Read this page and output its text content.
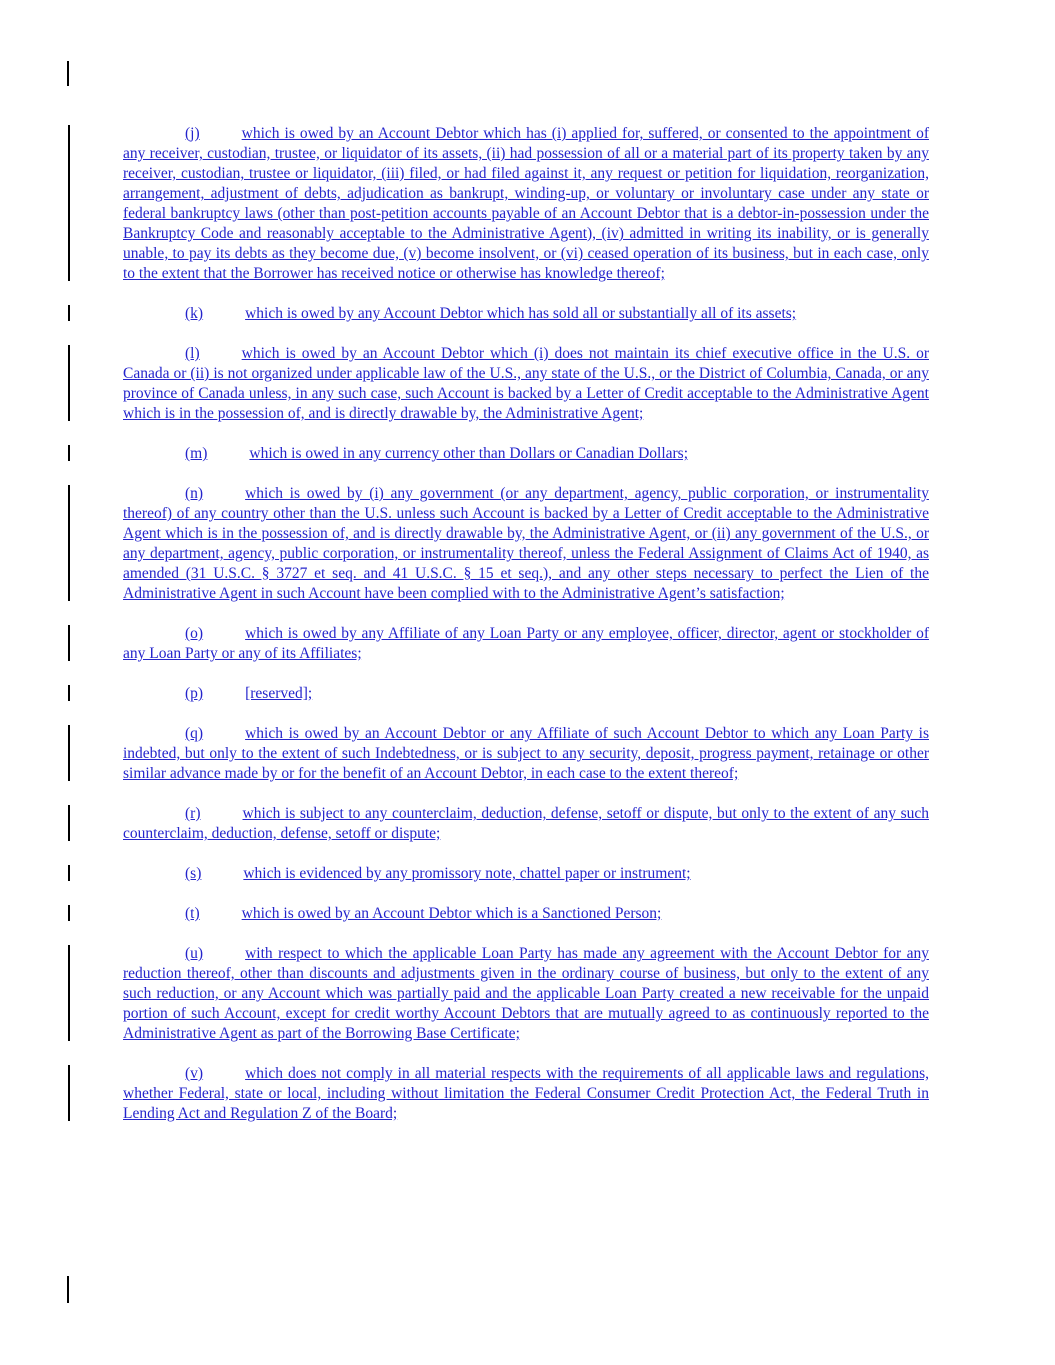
(j)	which is owed by an Account Debtor which has (i) applied for, suffered, or consented to the appointment of any receiver, custodian, trustee, or liquidator of its assets, (ii) had possession of all or a material part of its property taken by any receiver, custodian, trustee or liquidator, (iii) filed, or had filed against it, any request or petition for liquidation, reorganization, arrangement, adjustment of debts, adjudication as bankrupt, winding-up, or voluntary or involuntary case under any state or federal bankruptcy laws (other than post-petition accounts payable of an Account Debtor that is a debtor-in-possession under the Bankruptcy Code and reasonably acceptable to the Administrative Agent), (iv) admitted in writing its inability, or is generally unable, to pay its debts as they become due, (v) become insolvent, or (vi) ceased operation of its business, but in each case, only to the extent that the Borrower has received notice or otherwise has knowledge thereof;

(k)	which is owed by any Account Debtor which has sold all or substantially all of its assets;

(l)	which is owed by an Account Debtor which (i) does not maintain its chief executive office in the U.S. or Canada or (ii) is not organized under applicable law of the U.S., any state of the U.S., or the District of Columbia, Canada, or any province of Canada unless, in any such case, such Account is backed by a Letter of Credit acceptable to the Administrative Agent which is in the possession of, and is directly drawable by, the Administrative Agent;

(m)	which is owed in any currency other than Dollars or Canadian Dollars;

(n)	which is owed by (i) any government (or any department, agency, public corporation, or instrumentality thereof) of any country other than the U.S. unless such Account is backed by a Letter of Credit acceptable to the Administrative Agent which is in the possession of, and is directly drawable by, the Administrative Agent, or (ii) any government of the U.S., or any department, agency, public corporation, or instrumentality thereof, unless the Federal Assignment of Claims Act of 1940, as amended (31 U.S.C. § 3727 et seq. and 41 U.S.C. § 15 et seq.), and any other steps necessary to perfect the Lien of the Administrative Agent in such Account have been complied with to the Administrative Agent’s satisfaction;

(o)	which is owed by any Affiliate of any Loan Party or any employee, officer, director, agent or stockholder of any Loan Party or any of its Affiliates;

(p)	[reserved];

(q)	which is owed by an Account Debtor or any Affiliate of such Account Debtor to which any Loan Party is indebted, but only to the extent of such Indebtedness, or is subject to any security, deposit, progress payment, retainage or other similar advance made by or for the benefit of an Account Debtor, in each case to the extent thereof;

(r)	which is subject to any counterclaim, deduction, defense, setoff or dispute, but only to the extent of any such counterclaim, deduction, defense, setoff or dispute;

(s)	which is evidenced by any promissory note, chattel paper or instrument;

(t)	which is owed by an Account Debtor which is a Sanctioned Person;

(u)	with respect to which the applicable Loan Party has made any agreement with the Account Debtor for any reduction thereof, other than discounts and adjustments given in the ordinary course of business, but only to the extent of any such reduction, or any Account which was partially paid and the applicable Loan Party created a new receivable for the unpaid portion of such Account, except for credit worthy Account Debtors that are mutually agreed to as continuously reported to the Administrative Agent as part of the Borrowing Base Certificate;

(v)	which does not comply in all material respects with the requirements of all applicable laws and regulations, whether Federal, state or local, including without limitation the Federal Consumer Credit Protection Act, the Federal Truth in Lending Act and Regulation Z of the Board;
